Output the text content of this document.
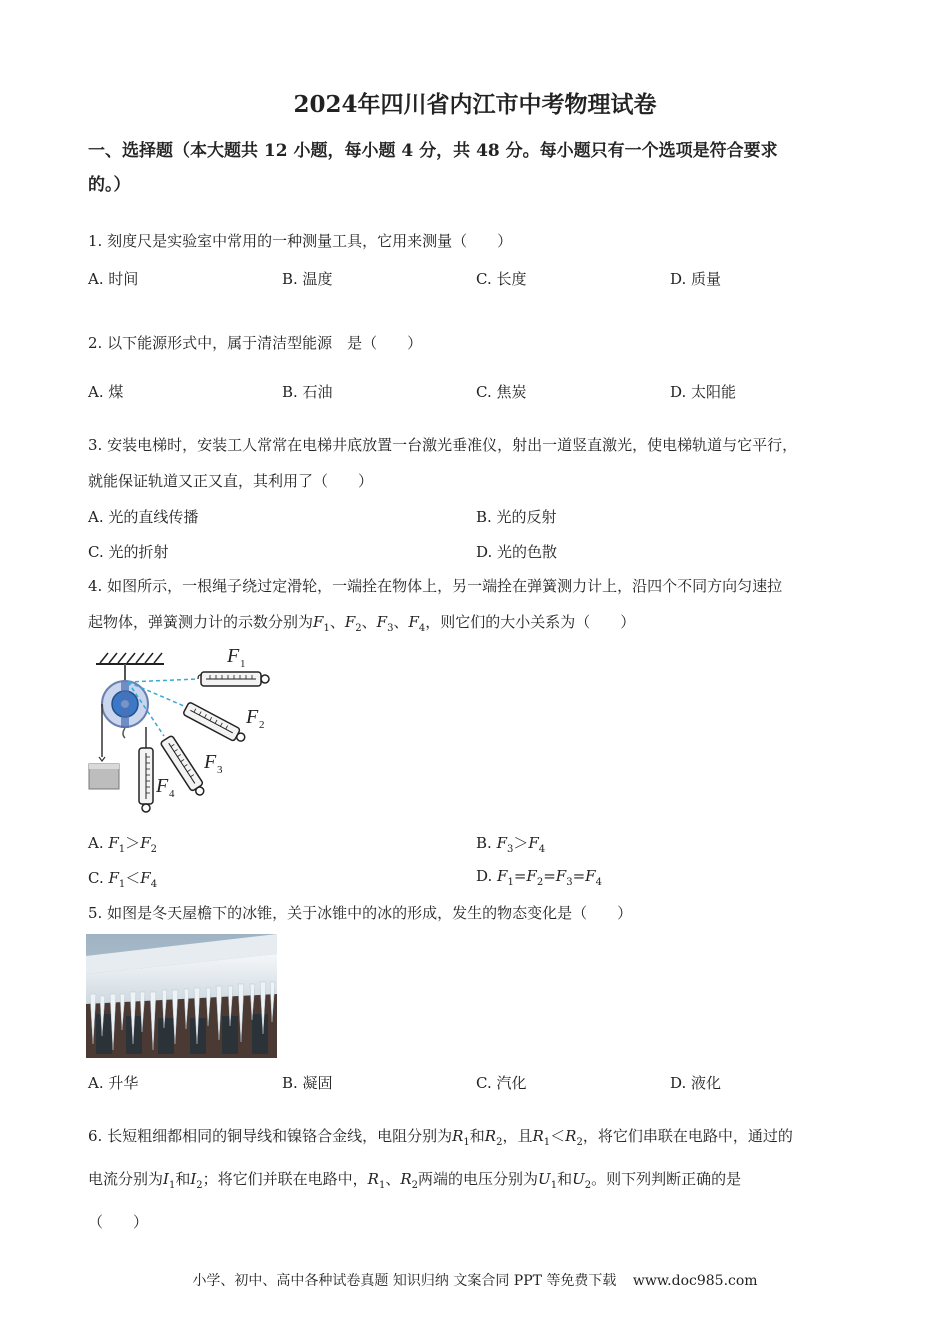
2024年四川省内江市中考物理试卷
一、选择题（本大题共 12 小题，每小题 4 分，共 48 分。每小题只有一个选项是符合要求
的。）
1. 刻度尺是实验室中常用的一种测量工具，它用来测量（　　）
A. 时间	B. 温度	C. 长度	D. 质量
2. 以下能源形式中，属于清洁型能源　是（　　）
A. 煤	B. 石油	C. 焦炭	D. 太阳能
3. 安装电梯时，安装工人常常在电梯井底放置一台激光垂准仪，射出一道竖直激光，使电梯轨道与它平行，
就能保证轨道又正又直，其利用了（　　）
A. 光的直线传播	B. 光的反射
C. 光的折射	D. 光的色散
4. 如图所示，一根绳子绕过定滑轮，一端拴在物体上，另一端拴在弹簧测力计上，沿四个不同方向匀速拉
起物体，弹簧测力计的示数分别为$F_1$、$F_2$、$F_3$、$F_4$，则它们的大小关系为（　　）
F 1
F 2
F 3
F 4
A. $F_1>F_2$	B. $F_3>F_4$
C. $F_1<F_4$	D. $F_1=F_2=F_3=F_4$
5. 如图是冬天屋檐下的冰锥，关于冰锥中的冰的形成，发生的物态变化是（　　）
A. 升华	B. 凝固	C. 汽化	D. 液化
6. 长短粗细都相同的铜导线和镍铬合金线，电阻分别为$R_1$和$R_2$，且$R_1<R_2$，将它们串联在电路中，通过的
电流分别为$I_1$和$I_2$；将它们并联在电路中，$R_1$、$R_2$两端的电压分别为$U_1$和$U_2$。则下列判断正确的是
（　　）
小学、初中、高中各种试卷真题 知识归纳 文案合同 PPT 等免费下载 www.doc985.com
